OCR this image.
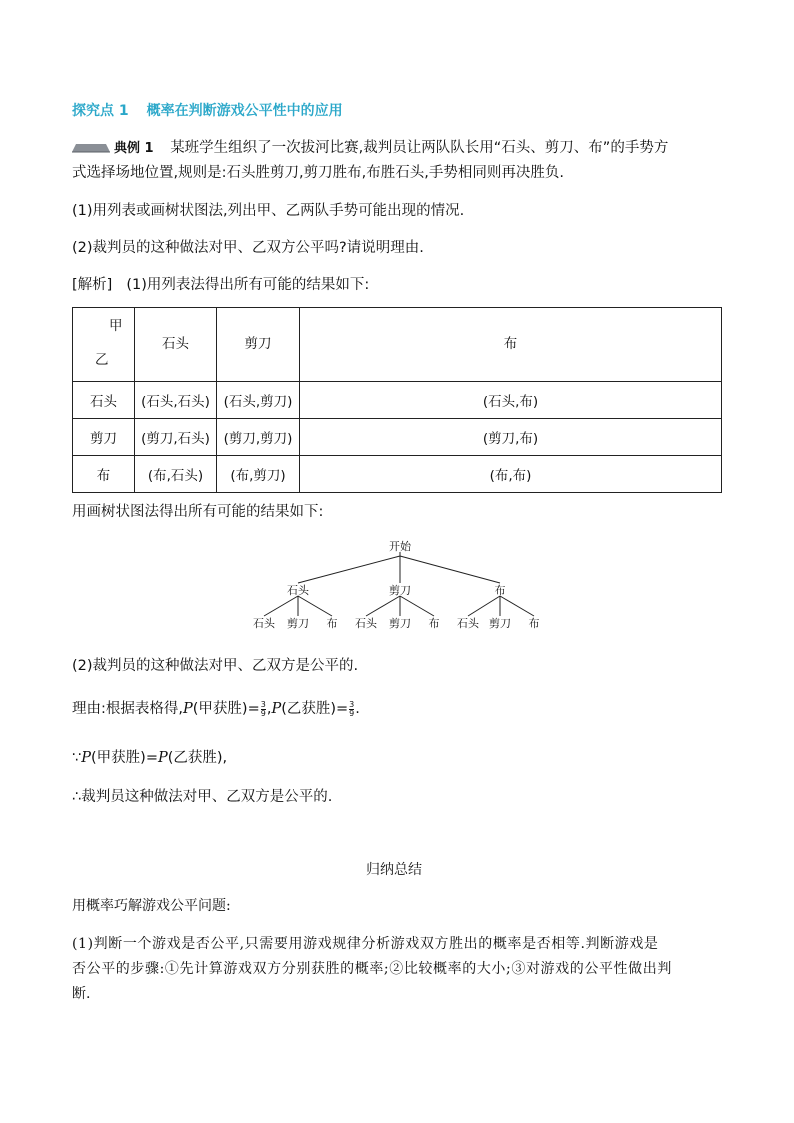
探究点 1 概率在判断游戏公平性中的应用
典例 1 某班学生组织了一次拔河比赛,裁判员让两队队长用“石头、剪刀、布”的手势方
式选择场地位置,规则是:石头胜剪刀,剪刀胜布,布胜石头,手势相同则再决胜负.
(1)用列表或画树状图法,列出甲、乙两队手势可能出现的情况.
(2)裁判员的这种做法对甲、乙双方公平吗?请说明理由.
[解析] (1)用列表法得出所有可能的结果如下:
甲
乙	石头	剪刀	布
石头	(石头,石头)	(石头,剪刀)	(石头,布)
剪刀	(剪刀,石头)	(剪刀,剪刀)	(剪刀,布)
布	(布,石头)	(布,剪刀)	(布,布)
用画树状图法得出所有可能的结果如下:
开始
石头	剪刀	布
石头 剪刀 布 石头 剪刀 布 石头 剪刀 布
(2)裁判员的这种做法对甲、乙双方是公平的.
理由:根据表格得,P(甲获胜)= $\frac{3}{9} ,P$(乙获胜)= $\frac{3}{9}$ .
∵P(甲获胜)=P(乙获胜),
∴裁判员这种做法对甲、乙双方是公平的.
归纳总结
用概率巧解游戏公平问题:
(1)判断一个游戏是否公平,只需要用游戏规律分析游戏双方胜出的概率是否相等.判断游戏是
否公平的步骤:①先计算游戏双方分别获胜的概率;②比较概率的大小;③对游戏的公平性做出判
断.
